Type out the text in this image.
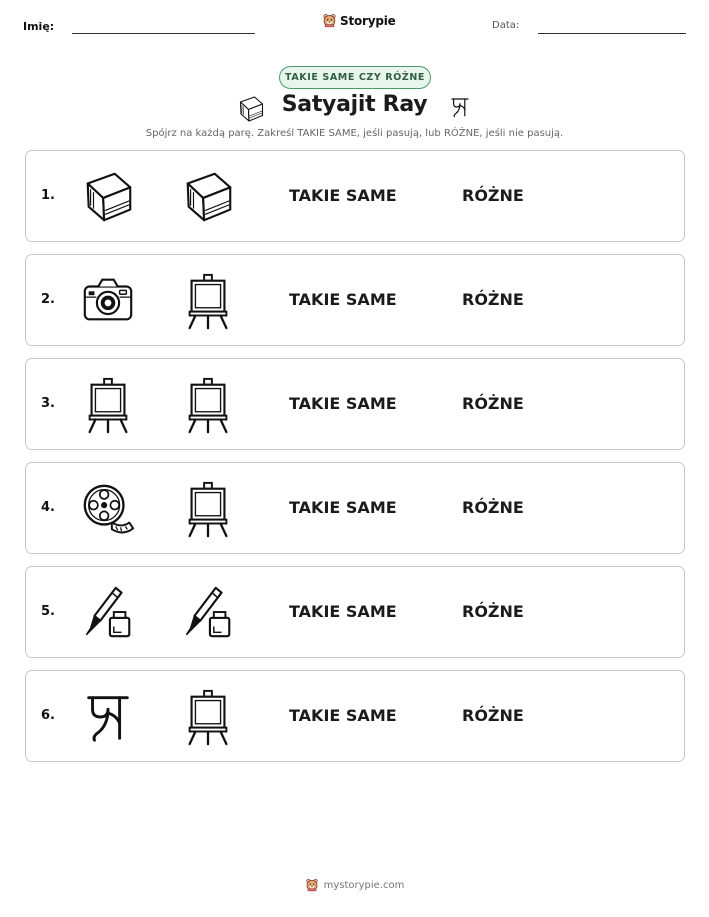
Imię:	Storypie	Data:
TAKIE SAME CZY RÓŻNE
Satyajit Ray
Spójrz na każdą parę. Zakreśl TAKIE SAME, jeśli pasują, lub RÓŻNE, jeśli nie pasują.
1.	TAKIE SAME	RÓŻNE
2.	TAKIE SAME	RÓŻNE
3.	TAKIE SAME	RÓŻNE
4.	TAKIE SAME	RÓŻNE
5.	TAKIE SAME	RÓŻNE
6.	TAKIE SAME	RÓŻNE
mystorypie.com
